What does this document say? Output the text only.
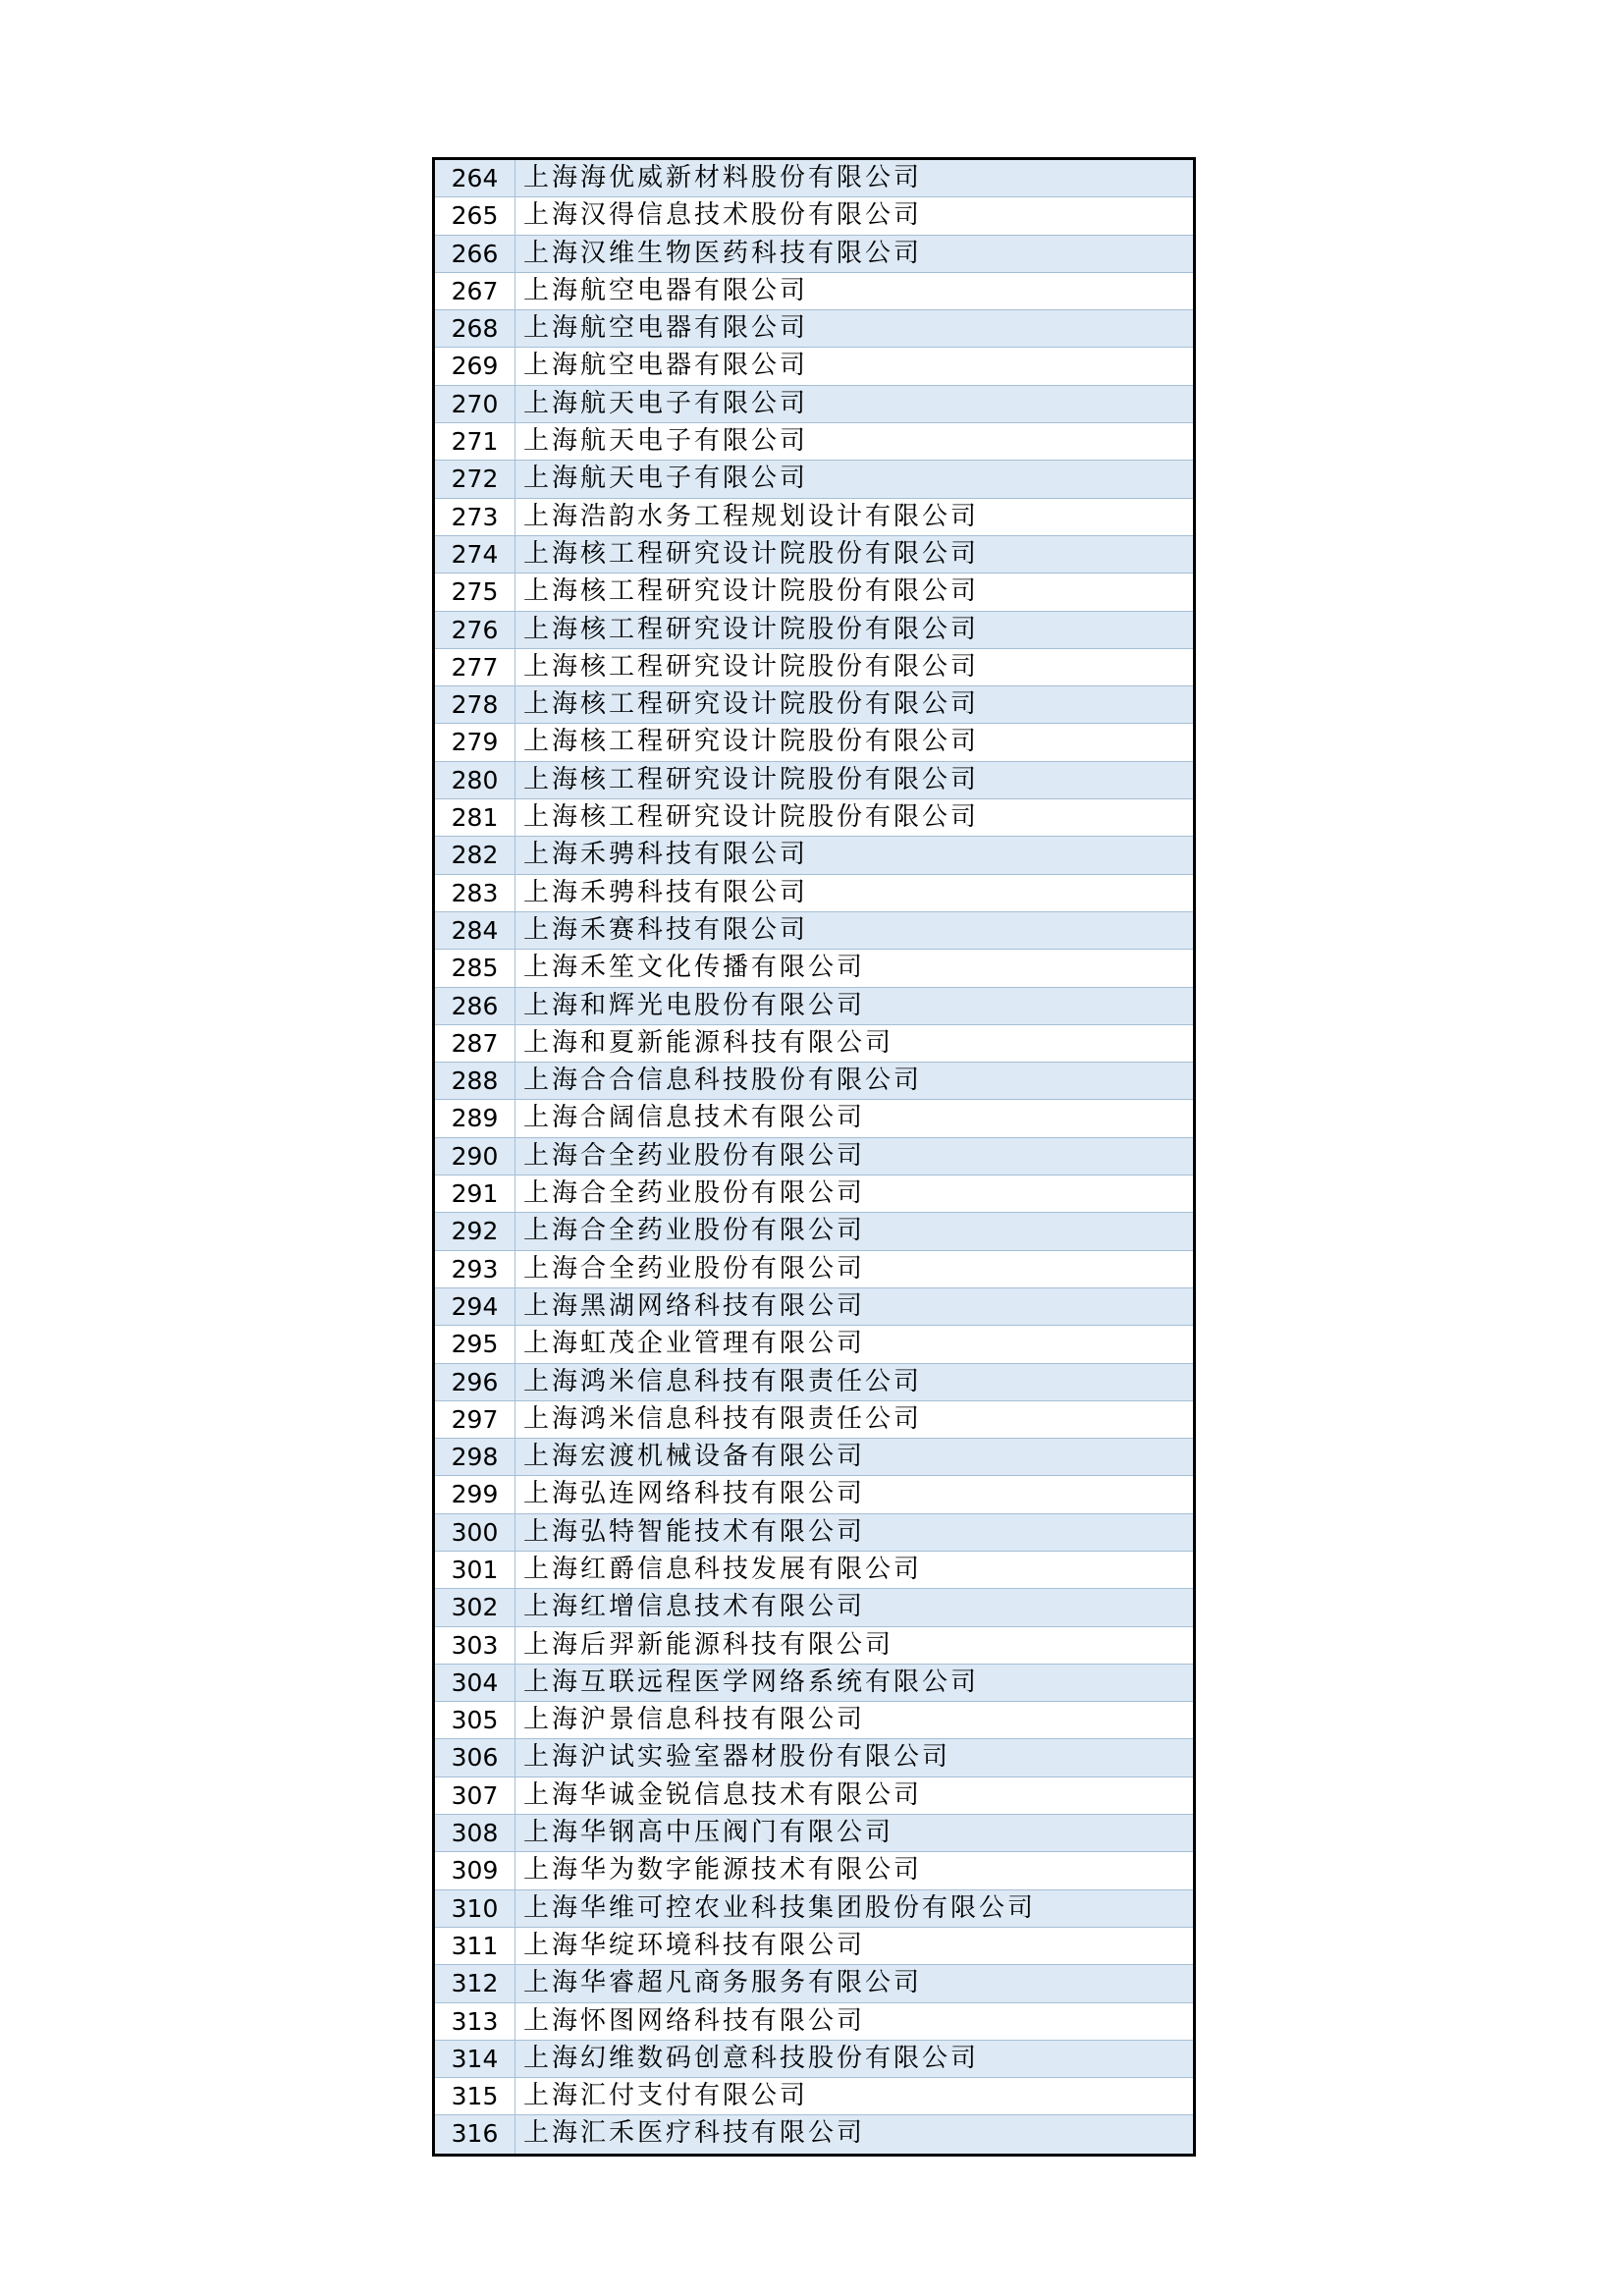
264 上海海优威新材料股份有限公司
265 上海汉得信息技术股份有限公司
266 上海汉维生物医药科技有限公司
267 上海航空电器有限公司
268 上海航空电器有限公司
269 上海航空电器有限公司
270 上海航天电子有限公司
271 上海航天电子有限公司
272 上海航天电子有限公司
273 上海浩韵水务工程规划设计有限公司
274 上海核工程研究设计院股份有限公司
275 上海核工程研究设计院股份有限公司
276 上海核工程研究设计院股份有限公司
277 上海核工程研究设计院股份有限公司
278 上海核工程研究设计院股份有限公司
279 上海核工程研究设计院股份有限公司
280 上海核工程研究设计院股份有限公司
281 上海核工程研究设计院股份有限公司
282 上海禾骋科技有限公司
283 上海禾骋科技有限公司
284 上海禾赛科技有限公司
285 上海禾笙文化传播有限公司
286 上海和辉光电股份有限公司
287 上海和夏新能源科技有限公司
288 上海合合信息科技股份有限公司
289 上海合阔信息技术有限公司
290 上海合全药业股份有限公司
291 上海合全药业股份有限公司
292 上海合全药业股份有限公司
293 上海合全药业股份有限公司
294 上海黑湖网络科技有限公司
295 上海虹茂企业管理有限公司
296 上海鸿米信息科技有限责任公司
297 上海鸿米信息科技有限责任公司
298 上海宏渡机械设备有限公司
299 上海弘连网络科技有限公司
300 上海弘特智能技术有限公司
301 上海红爵信息科技发展有限公司
302 上海红增信息技术有限公司
303 上海后羿新能源科技有限公司
304 上海互联远程医学网络系统有限公司
305 上海沪景信息科技有限公司
306 上海沪试实验室器材股份有限公司
307 上海华诚金锐信息技术有限公司
308 上海华钢高中压阀门有限公司
309 上海华为数字能源技术有限公司
310 上海华维可控农业科技集团股份有限公司
311 上海华绽环境科技有限公司
312 上海华睿超凡商务服务有限公司
313 上海怀图网络科技有限公司
314 上海幻维数码创意科技股份有限公司
315 上海汇付支付有限公司
316 上海汇禾医疗科技有限公司
